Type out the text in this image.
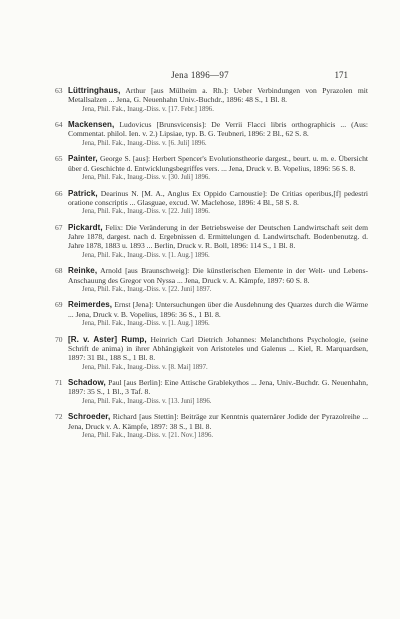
Jena 1896—97	171
63 Lüttringhaus, Arthur [aus Mülheim a. Rh.]: Ueber Verbindungen von Pyrazolen mit Metallsalzen ... Jena, G. Neuenhahn Univ.-Buchdr., 1896: 48 S., 1 Bl. 8.
Jena, Phil. Fak., Inaug.-Diss. v. [17. Febr.] 1896.
64 Mackensen, Ludovicus [Brunsvicensis]: De Verrii Flacci libris orthographicis ... (Aus: Commentat. philol. Ien. v. 2.) Lipsiae, typ. B. G. Teubneri, 1896: 2 Bl., 62 S. 8.
Jena, Phil. Fak., Inaug.-Diss. v. [6. Juli] 1896.
65 Painter, George S. [aus]: Herbert Spencer's Evolutionstheorie dargest., beurt. u. m. e. Übersicht über d. Geschichte d. Entwicklungsbegriffes vers. ... Jena, Druck v. B. Vopelius, 1896: 56 S. 8.
Jena, Phil. Fak., Inaug.-Diss. v. [30. Juli] 1896.
66 Patrick, Dearinus N. [M. A., Anglus Ex Oppido Carnoustie]: De Critias operibus,[f] pedestri oratione conscriptis ... Glasguae, excud. W. Maclehose, 1896: 4 Bl., 58 S. 8.
Jena, Phil. Fak., Inaug.-Diss. v. [22. Juli] 1896.
67 Pickardt, Felix: Die Veränderung in der Betriebsweise der Deutschen Landwirtschaft seit dem Jahre 1878, dargest. nach d. Ergebnissen d. Ermittelungen d. Landwirtschaft. Bodenbenutzg. d. Jahre 1878, 1883 u. 1893 ... Berlin, Druck v. R. Boll, 1896: 114 S., 1 Bl. 8.
Jena, Phil. Fak., Inaug.-Diss. v. [1. Aug.] 1896.
68 Reinke, Arnold [aus Braunschweig]: Die künstlerischen Elemente in der Welt- und Lebens-Anschauung des Gregor von Nyssa ... Jena, Druck v. A. Kämpfe, 1897: 60 S. 8.
Jena, Phil. Fak., Inaug.-Diss. v. [22. Juni] 1897.
69 Reimerdes, Ernst [Jena]: Untersuchungen über die Ausdehnung des Quarzes durch die Wärme ... Jena, Druck v. B. Vopelius, 1896: 36 S., 1 Bl. 8.
Jena, Phil. Fak., Inaug.-Diss. v. [1. Aug.] 1896.
70 [R. v. Aster] Rump, Heinrich Carl Dietrich Johannes: Melanchthons Psychologie, (seine Schrift de anima) in ihrer Abhängigkeit von Aristoteles und Galenus ... Kiel, R. Marquardsen, 1897: 31 Bl., 188 S., 1 Bl. 8.
Jena, Phil. Fak., Inaug.-Diss. v. [8. Mai] 1897.
71 Schadow, Paul [aus Berlin]: Eine Attische Grablekythos ... Jena, Univ.-Buchdr. G. Neuenhahn, 1897: 35 S., 1 Bl., 3 Taf. 8.
Jena, Phil. Fak., Inaug.-Diss. v. [13. Juni] 1896.
72 Schroeder, Richard [aus Stettin]: Beiträge zur Kenntnis quaternärer Jodide der Pyrazolreihe ... Jena, Druck v. A. Kämpfe, 1897: 38 S., 1 Bl. 8.
Jena, Phil. Fak., Inaug.-Diss. v. [21. Nov.] 1896.
